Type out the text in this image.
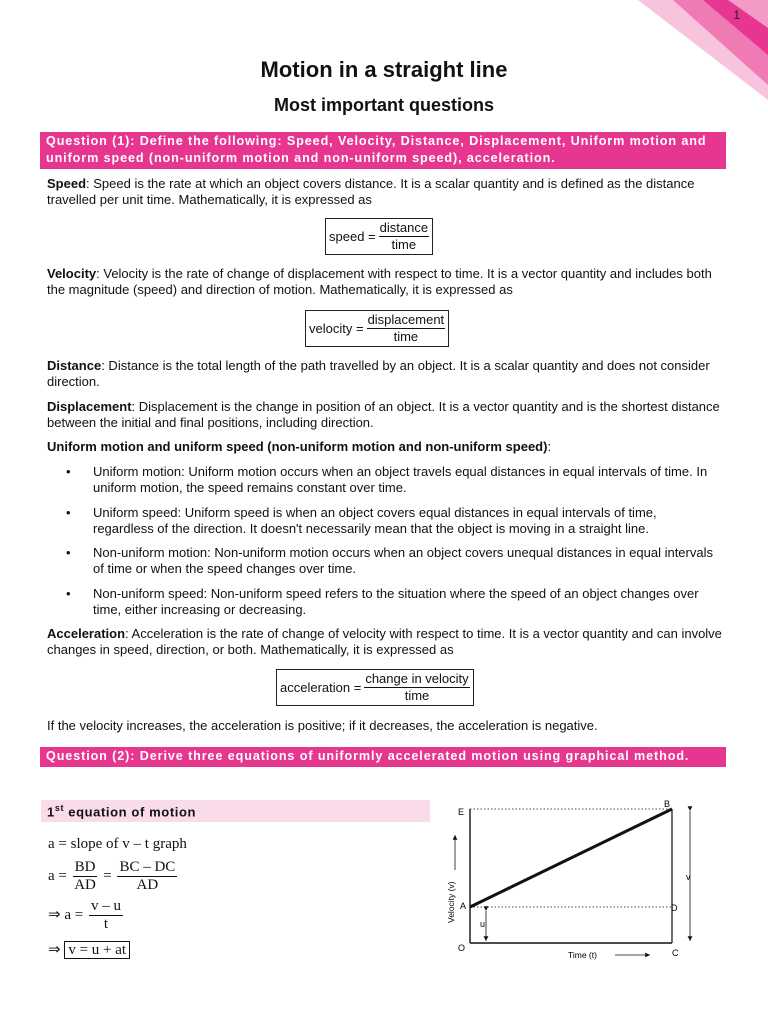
1
Motion in a straight line
Most important questions
Question (1): Define the following: Speed, Velocity, Distance, Displacement, Uniform motion and uniform speed (non-uniform motion and non-uniform speed), acceleration.
Speed: Speed is the rate at which an object covers distance. It is a scalar quantity and is defined as the distance travelled per unit time. Mathematically, it is expressed as
speed = $\frac{\text{distance}}{\text{time}}$
Velocity: Velocity is the rate of change of displacement with respect to time. It is a vector quantity and includes both the magnitude (speed) and direction of motion. Mathematically, it is expressed as
velocity = $\frac{\text{displacement}}{\text{time}}$
Distance: Distance is the total length of the path travelled by an object. It is a scalar quantity and does not consider direction.
Displacement: Displacement is the change in position of an object. It is a vector quantity and is the shortest distance between the initial and final positions, including direction.
Uniform motion and uniform speed (non-uniform motion and non-uniform speed):
• Uniform motion: Uniform motion occurs when an object travels equal distances in equal intervals of time. In uniform motion, the speed remains constant over time.
• Uniform speed: Uniform speed is when an object covers equal distances in equal intervals of time, regardless of the direction. It doesn't necessarily mean that the object is moving in a straight line.
• Non-uniform motion: Non-uniform motion occurs when an object covers unequal distances in equal intervals of time or when the speed changes over time.
• Non-uniform speed: Non-uniform speed refers to the situation where the speed of an object changes over time, either increasing or decreasing.
Acceleration: Acceleration is the rate of change of velocity with respect to time. It is a vector quantity and can involve changes in speed, direction, or both. Mathematically, it is expressed as
acceleration = $\frac{\text{change in velocity}}{\text{time}}$
If the velocity increases, the acceleration is positive; if it decreases, the acceleration is negative.
Question (2): Derive three equations of uniformly accelerated motion using graphical method.
1st equation of motion
a = slope of v – t graph
$a = \frac{BD}{AD} = \frac{BC - DC}{AD}$
⇒ $a = \frac{v - u}{t}$
⇒ v = u + at
E
B
A	D
O	C
u
v
Velocity (v)
Time (t)
